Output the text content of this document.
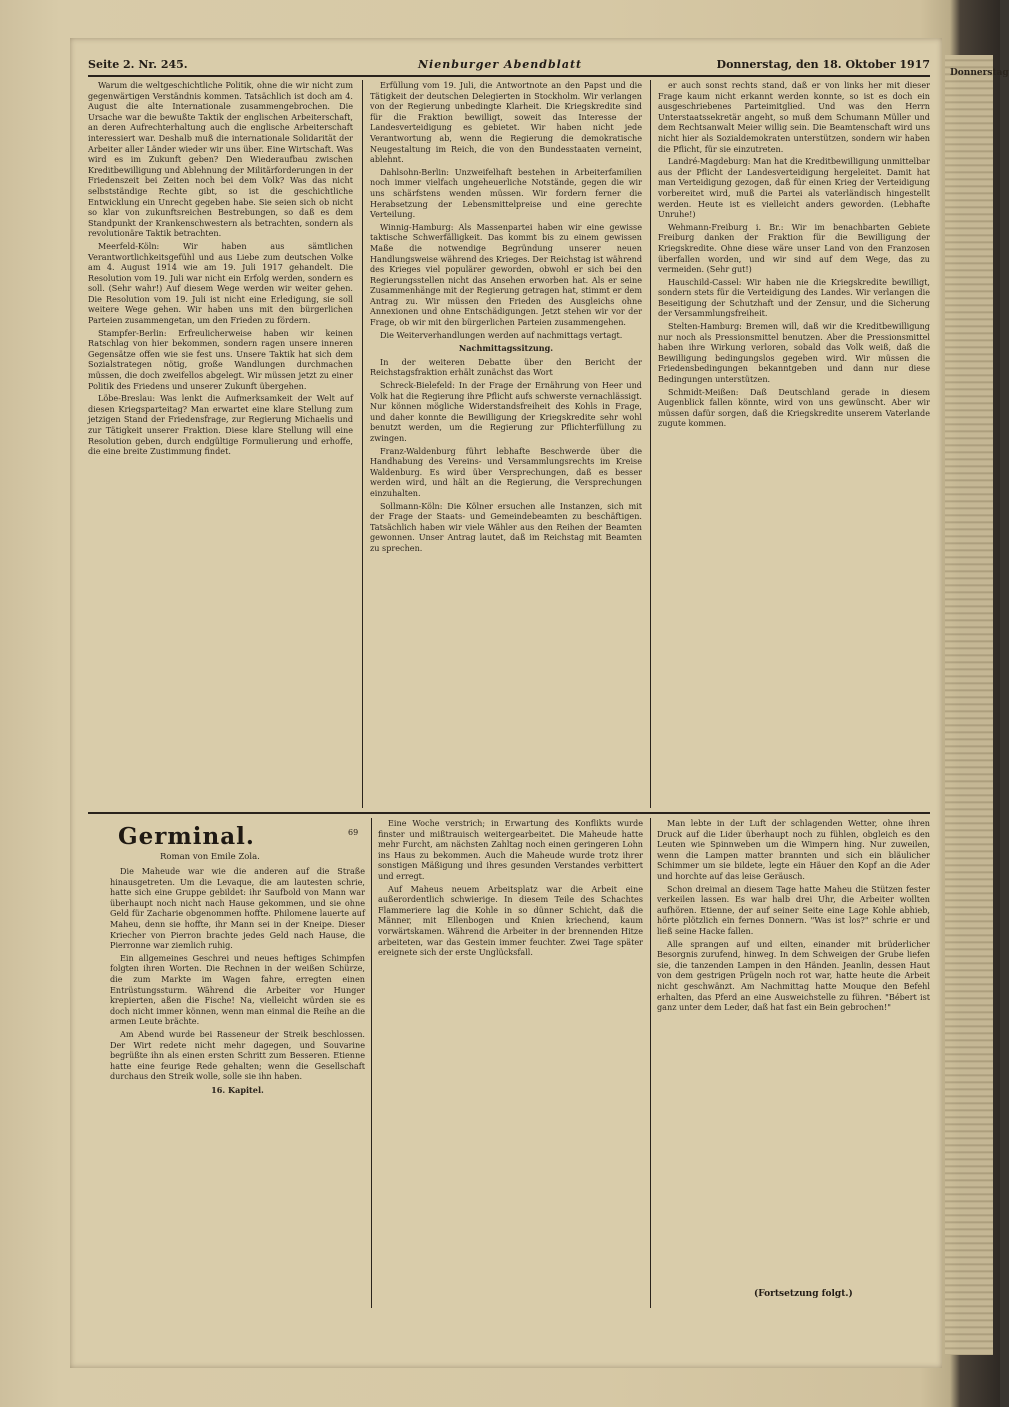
Donnerstag
Seite 2. Nr. 245.	Nienburger Abendblatt	Donnerstag, den 18. Oktober 1917

Warum die weltgeschichtliche Politik, ohne die wir nicht zum gegenwärtigen Verständnis kommen. Tatsächlich ist doch am 4. August die alte Internationale zusammengebrochen. Die Ursache war die bewußte Taktik der englischen Arbeiterschaft, an deren Aufrechterhaltung auch die englische Arbeiterschaft interessiert war. Deshalb muß die internationale Solidarität der Arbeiter aller Länder wieder wir uns über. Eine Wirtschaft. Was wird es im Zukunft geben? Den Wiederaufbau zwischen Kreditbewilligung und Ablehnung der Militärforderungen in der Friedenszeit bei Zeiten noch bei dem Volk? Was das nicht selbstständige Rechte gibt, so ist die geschichtliche Entwicklung ein Unrecht gegeben habe. Sie seien sich ob nicht so klar von zukunftsreichen Bestrebungen, so daß es dem Standpunkt der Krankenschwestern als betrachten, sondern als revolutionäre Taktik betrachten.

Meerfeld-Köln: Wir haben aus sämtlichen Verantwortlichkeitsgefühl und aus Liebe zum deutschen Volke am 4. August 1914 wie am 19. Juli 1917 gehandelt. Die Resolution vom 19. Juli war nicht ein Erfolg werden, sondern es soll. (Sehr wahr!) Auf diesem Wege werden wir weiter gehen. Die Resolution vom 19. Juli ist nicht eine Erledigung, sie soll weitere Wege gehen. Wir haben uns mit den bürgerlichen Parteien zusammengetan, um den Frieden zu fördern.

Stampfer-Berlin: Erfreulicherweise haben wir keinen Ratschlag von hier bekommen, sondern ragen unsere inneren Gegensätze offen wie sie fest uns. Unsere Taktik hat sich dem Sozialstrategen nötig, große Wandlungen durchmachen müssen, die doch zweifellos abgelegt. Wir müssen jetzt zu einer Politik des Friedens und unserer Zukunft übergehen.

Löbe-Breslau: Was lenkt die Aufmerksamkeit der Welt auf diesen Kriegsparteitag? Man erwartet eine klare Stellung zum jetzigen Stand der Friedensfrage, zur Regierung Michaelis und zur Tätigkeit unserer Fraktion. Diese klare Stellung will eine Resolution geben, durch endgültige Formulierung und erhoffe, die eine breite Zustimmung findet.

Erfüllung vom 19. Juli, die Antwortnote an den Papst und die Tätigkeit der deutschen Delegierten in Stockholm. Wir verlangen von der Regierung unbedingte Klarheit. Die Kriegskredite sind für die Fraktion bewilligt, soweit das Interesse der Landesverteidigung es gebietet. Wir haben nicht jede Verantwortung ab, wenn die Regierung die demokratische Neugestaltung im Reich, die von den Bundesstaaten verneint, ablehnt.

Dahlsohn-Berlin: Unzweifelhaft bestehen in Arbeiterfamilien noch immer vielfach ungeheuerliche Notstände, gegen die wir uns schärfstens wenden müssen. Wir fordern ferner die Herabsetzung der Lebensmittelpreise und eine gerechte Verteilung.

Winnig-Hamburg: Als Massenpartei haben wir eine gewisse taktische Schwerfälligkeit. Das kommt bis zu einem gewissen Maße die notwendige Begründung unserer neuen Handlungsweise während des Krieges. Der Reichstag ist während des Krieges viel populärer geworden, obwohl er sich bei den Regierungsstellen nicht das Ansehen erworben hat. Als er seine Zusammenhänge mit der Regierung getragen hat, stimmt er dem Antrag zu. Wir müssen den Frieden des Ausgleichs ohne Annexionen und ohne Entschädigungen. Jetzt stehen wir vor der Frage, ob wir mit den bürgerlichen Parteien zusammengehen.

Die Weiterverhandlungen werden auf nachmittags vertagt.

Nachmittagssitzung.

In der weiteren Debatte über den Bericht der Reichstagsfraktion erhält zunächst das Wort

Schreck-Bielefeld: In der Frage der Ernährung von Heer und Volk hat die Regierung ihre Pflicht aufs schwerste vernachlässigt. Nur können mögliche Widerstandsfreiheit des Kohls in Frage, und daher konnte die Bewilligung der Kriegskredite sehr wohl benutzt werden, um die Regierung zur Pflichterfüllung zu zwingen.

Franz-Waldenburg führt lebhafte Beschwerde über die Handhabung des Vereins- und Versammlungsrechts im Kreise Waldenburg. Es wird über Versprechungen, daß es besser werden wird, und hält an die Regierung, die Versprechungen einzuhalten.

Sollmann-Köln: Die Kölner ersuchen alle Instanzen, sich mit der Frage der Staats- und Gemeindebeamten zu beschäftigen. Tatsächlich haben wir viele Wähler aus den Reihen der Beamten gewonnen. Unser Antrag lautet, daß im Reichstag mit Beamten zu sprechen.

er auch sonst rechts stand, daß er von links her mit dieser Frage kaum nicht erkannt werden konnte, so ist es doch ein ausgeschriebenes Parteimitglied. Und was den Herrn Unterstaatssekretär angeht, so muß dem Schumann Müller und dem Rechtsanwalt Meier willig sein. Die Beamtenschaft wird uns nicht hier als Sozialdemokraten unterstützen, sondern wir haben die Pflicht, für sie einzutreten.

Landré-Magdeburg: Man hat die Kreditbewilligung unmittelbar aus der Pflicht der Landesverteidigung hergeleitet. Damit hat man Verteidigung gezogen, daß für einen Krieg der Verteidigung vorbereitet wird, muß die Partei als vaterländisch hingestellt werden. Heute ist es vielleicht anders geworden. (Lebhafte Unruhe!)

Wehmann-Freiburg i. Br.: Wir im benachbarten Gebiete Freiburg danken der Fraktion für die Bewilligung der Kriegskredite. Ohne diese wäre unser Land von den Franzosen überfallen worden, und wir sind auf dem Wege, das zu vermeiden. (Sehr gut!)

Hauschild-Cassel: Wir haben nie die Kriegskredite bewilligt, sondern stets für die Verteidigung des Landes. Wir verlangen die Beseitigung der Schutzhaft und der Zensur, und die Sicherung der Versammlungsfreiheit.

Stelten-Hamburg: Bremen will, daß wir die Kreditbewilligung nur noch als Pressionsmittel benutzen. Aber die Pressionsmittel haben ihre Wirkung verloren, sobald das Volk weiß, daß die Bewilligung bedingungslos gegeben wird. Wir müssen die Friedensbedingungen bekanntgeben und dann nur diese Bedingungen unterstützen.

Schmidt-Meißen: Daß Deutschland gerade in diesem Augenblick fallen könnte, wird von uns gewünscht. Aber wir müssen dafür sorgen, daß die Kriegskredite unserem Vaterlande zugute kommen.

Germinal.	69
Roman von Emile Zola.

Die Maheude war wie die anderen auf die Straße hinausgetreten. Um die Levaque, die am lautesten schrie, hatte sich eine Gruppe gebildet: ihr Saufbold von Mann war überhaupt noch nicht nach Hause gekommen, und sie ohne Geld für Zacharie obgenommen hoffte. Philomene lauerte auf Maheu, denn sie hoffte, ihr Mann sei in der Kneipe. Dieser Kriecher von Pierron brachte jedes Geld nach Hause, die Pierronne war ziemlich ruhig.

Ein allgemeines Geschrei und neues heftiges Schimpfen folgten ihren Worten. Die Rechnen in der weißen Schürze, die zum Markte im Wagen fahre, erregten einen Entrüstungssturm. Während die Arbeiter vor Hunger krepierten, aßen die Fische! Na, vielleicht würden sie es doch nicht immer können, wenn man einmal die Reihe an die armen Leute brächte.

Am Abend wurde bei Rasseneur der Streik beschlossen. Der Wirt redete nicht mehr dagegen, und Souvarine begrüßte ihn als einen ersten Schritt zum Besseren. Etienne hatte eine feurige Rede gehalten; wenn die Gesellschaft durchaus den Streik wolle, solle sie ihn haben.

16. Kapitel.

Eine Woche verstrich; in Erwartung des Konflikts wurde finster und mißtrauisch weitergearbeitet. Die Maheude hatte mehr Furcht, am nächsten Zahltag noch einen geringeren Lohn ins Haus zu bekommen. Auch die Maheude wurde trotz ihrer sonstigen Mäßigung und ihres gesunden Verstandes verbittert und erregt.

Auf Maheus neuem Arbeitsplatz war die Arbeit eine außerordentlich schwierige. In diesem Teile des Schachtes Flammeriere lag die Kohle in so dünner Schicht, daß die Männer, mit Ellenbogen und Knien kriechend, kaum vorwärtskamen. Während die Arbeiter in der brennenden Hitze arbeiteten, war das Gestein immer feuchter. Zwei Tage später ereignete sich der erste Unglücksfall.

Man lebte in der Luft der schlagenden Wetter, ohne ihren Druck auf die Lider überhaupt noch zu fühlen, obgleich es den Leuten wie Spinnweben um die Wimpern hing. Nur zuweilen, wenn die Lampen matter brannten und sich ein bläulicher Schimmer um sie bildete, legte ein Häuer den Kopf an die Ader und horchte auf das leise Geräusch.

Schon dreimal an diesem Tage hatte Maheu die Stützen fester verkeilen lassen. Es war halb drei Uhr, die Arbeiter wollten aufhören. Etienne, der auf seiner Seite eine Lage Kohle abhieb, hörte plötzlich ein fernes Donnern. "Was ist los?" schrie er und ließ seine Hacke fallen.

Alle sprangen auf und eilten, einander mit brüderlicher Besorgnis zurufend, hinweg. In dem Schweigen der Grube liefen sie, die tanzenden Lampen in den Händen. Jeanlin, dessen Haut von dem gestrigen Prügeln noch rot war, hatte heute die Arbeit nicht geschwänzt. Am Nachmittag hatte Mouque den Befehl erhalten, das Pferd an eine Ausweichstelle zu führen. "Bébert ist ganz unter dem Leder, daß hat fast ein Bein gebrochen!"

(Fortsetzung folgt.)
